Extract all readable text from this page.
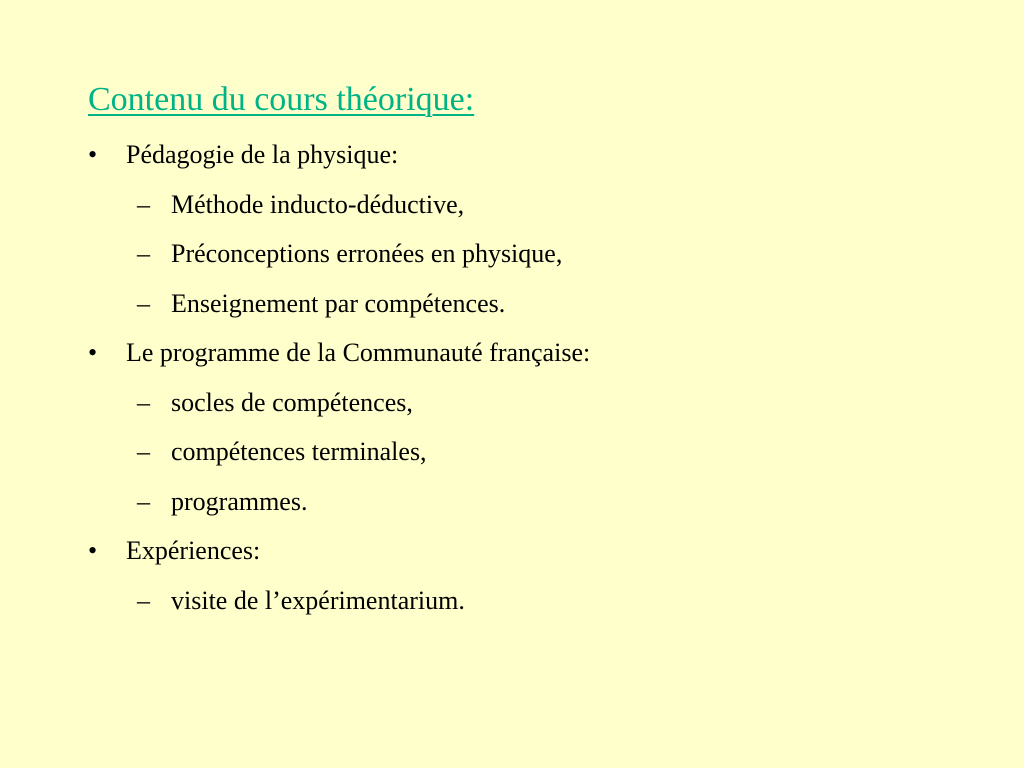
Contenu du cours théorique:
• Pédagogie de la physique:
– Méthode inducto-déductive,
– Préconceptions erronées en physique,
– Enseignement par compétences.
• Le programme de la Communauté française:
– socles de compétences,
– compétences terminales,
– programmes.
• Expériences:
– visite de l’expérimentarium.
